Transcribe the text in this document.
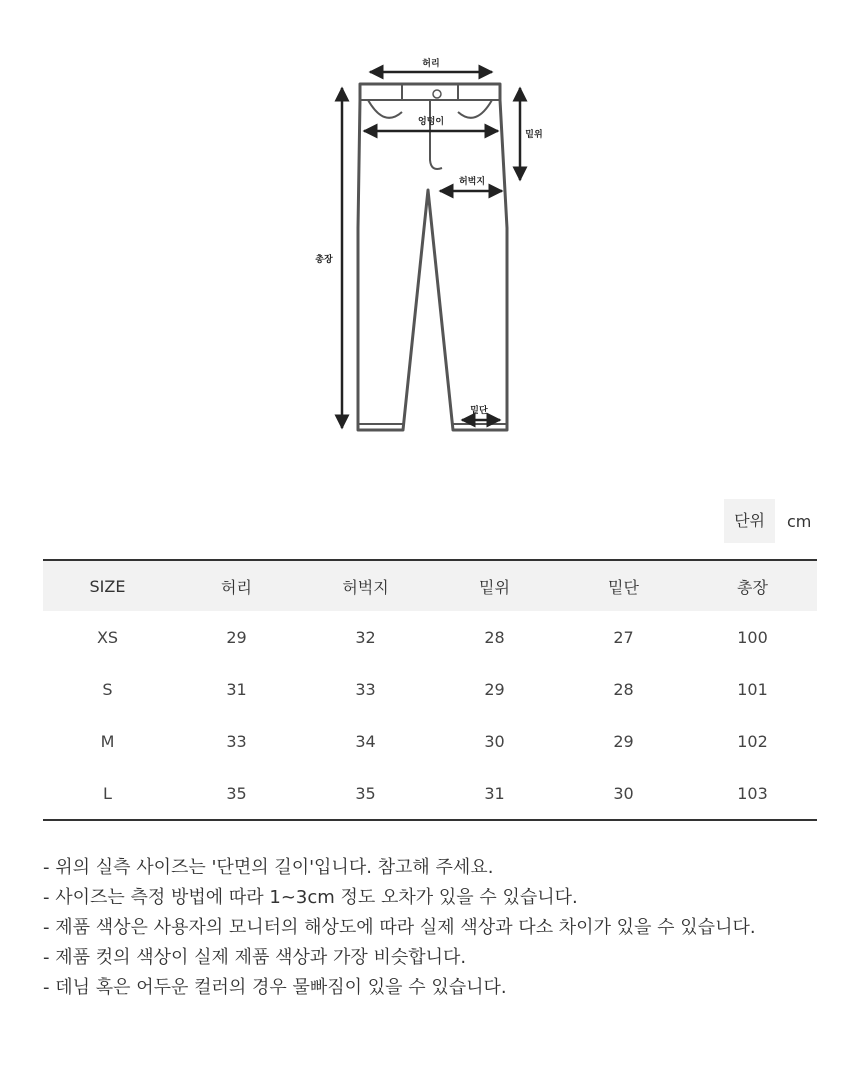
허리
엉덩이
밑위
허벅지
총장
밑단
단위	cm
SIZE	허리	허벅지	밑위	밑단	총장
XS	29	32	28	27	100
S	31	33	29	28	101
M	33	34	30	29	102
L	35	35	31	30	103
- 위의 실측 사이즈는 '단면의 길이'입니다. 참고해 주세요.
- 사이즈는 측정 방법에 따라 1~3cm 정도 오차가 있을 수 있습니다.
- 제품 색상은 사용자의 모니터의 해상도에 따라 실제 색상과 다소 차이가 있을 수 있습니다.
- 제품 컷의 색상이 실제 제품 색상과 가장 비슷합니다.
- 데님 혹은 어두운 컬러의 경우 물빠짐이 있을 수 있습니다.
